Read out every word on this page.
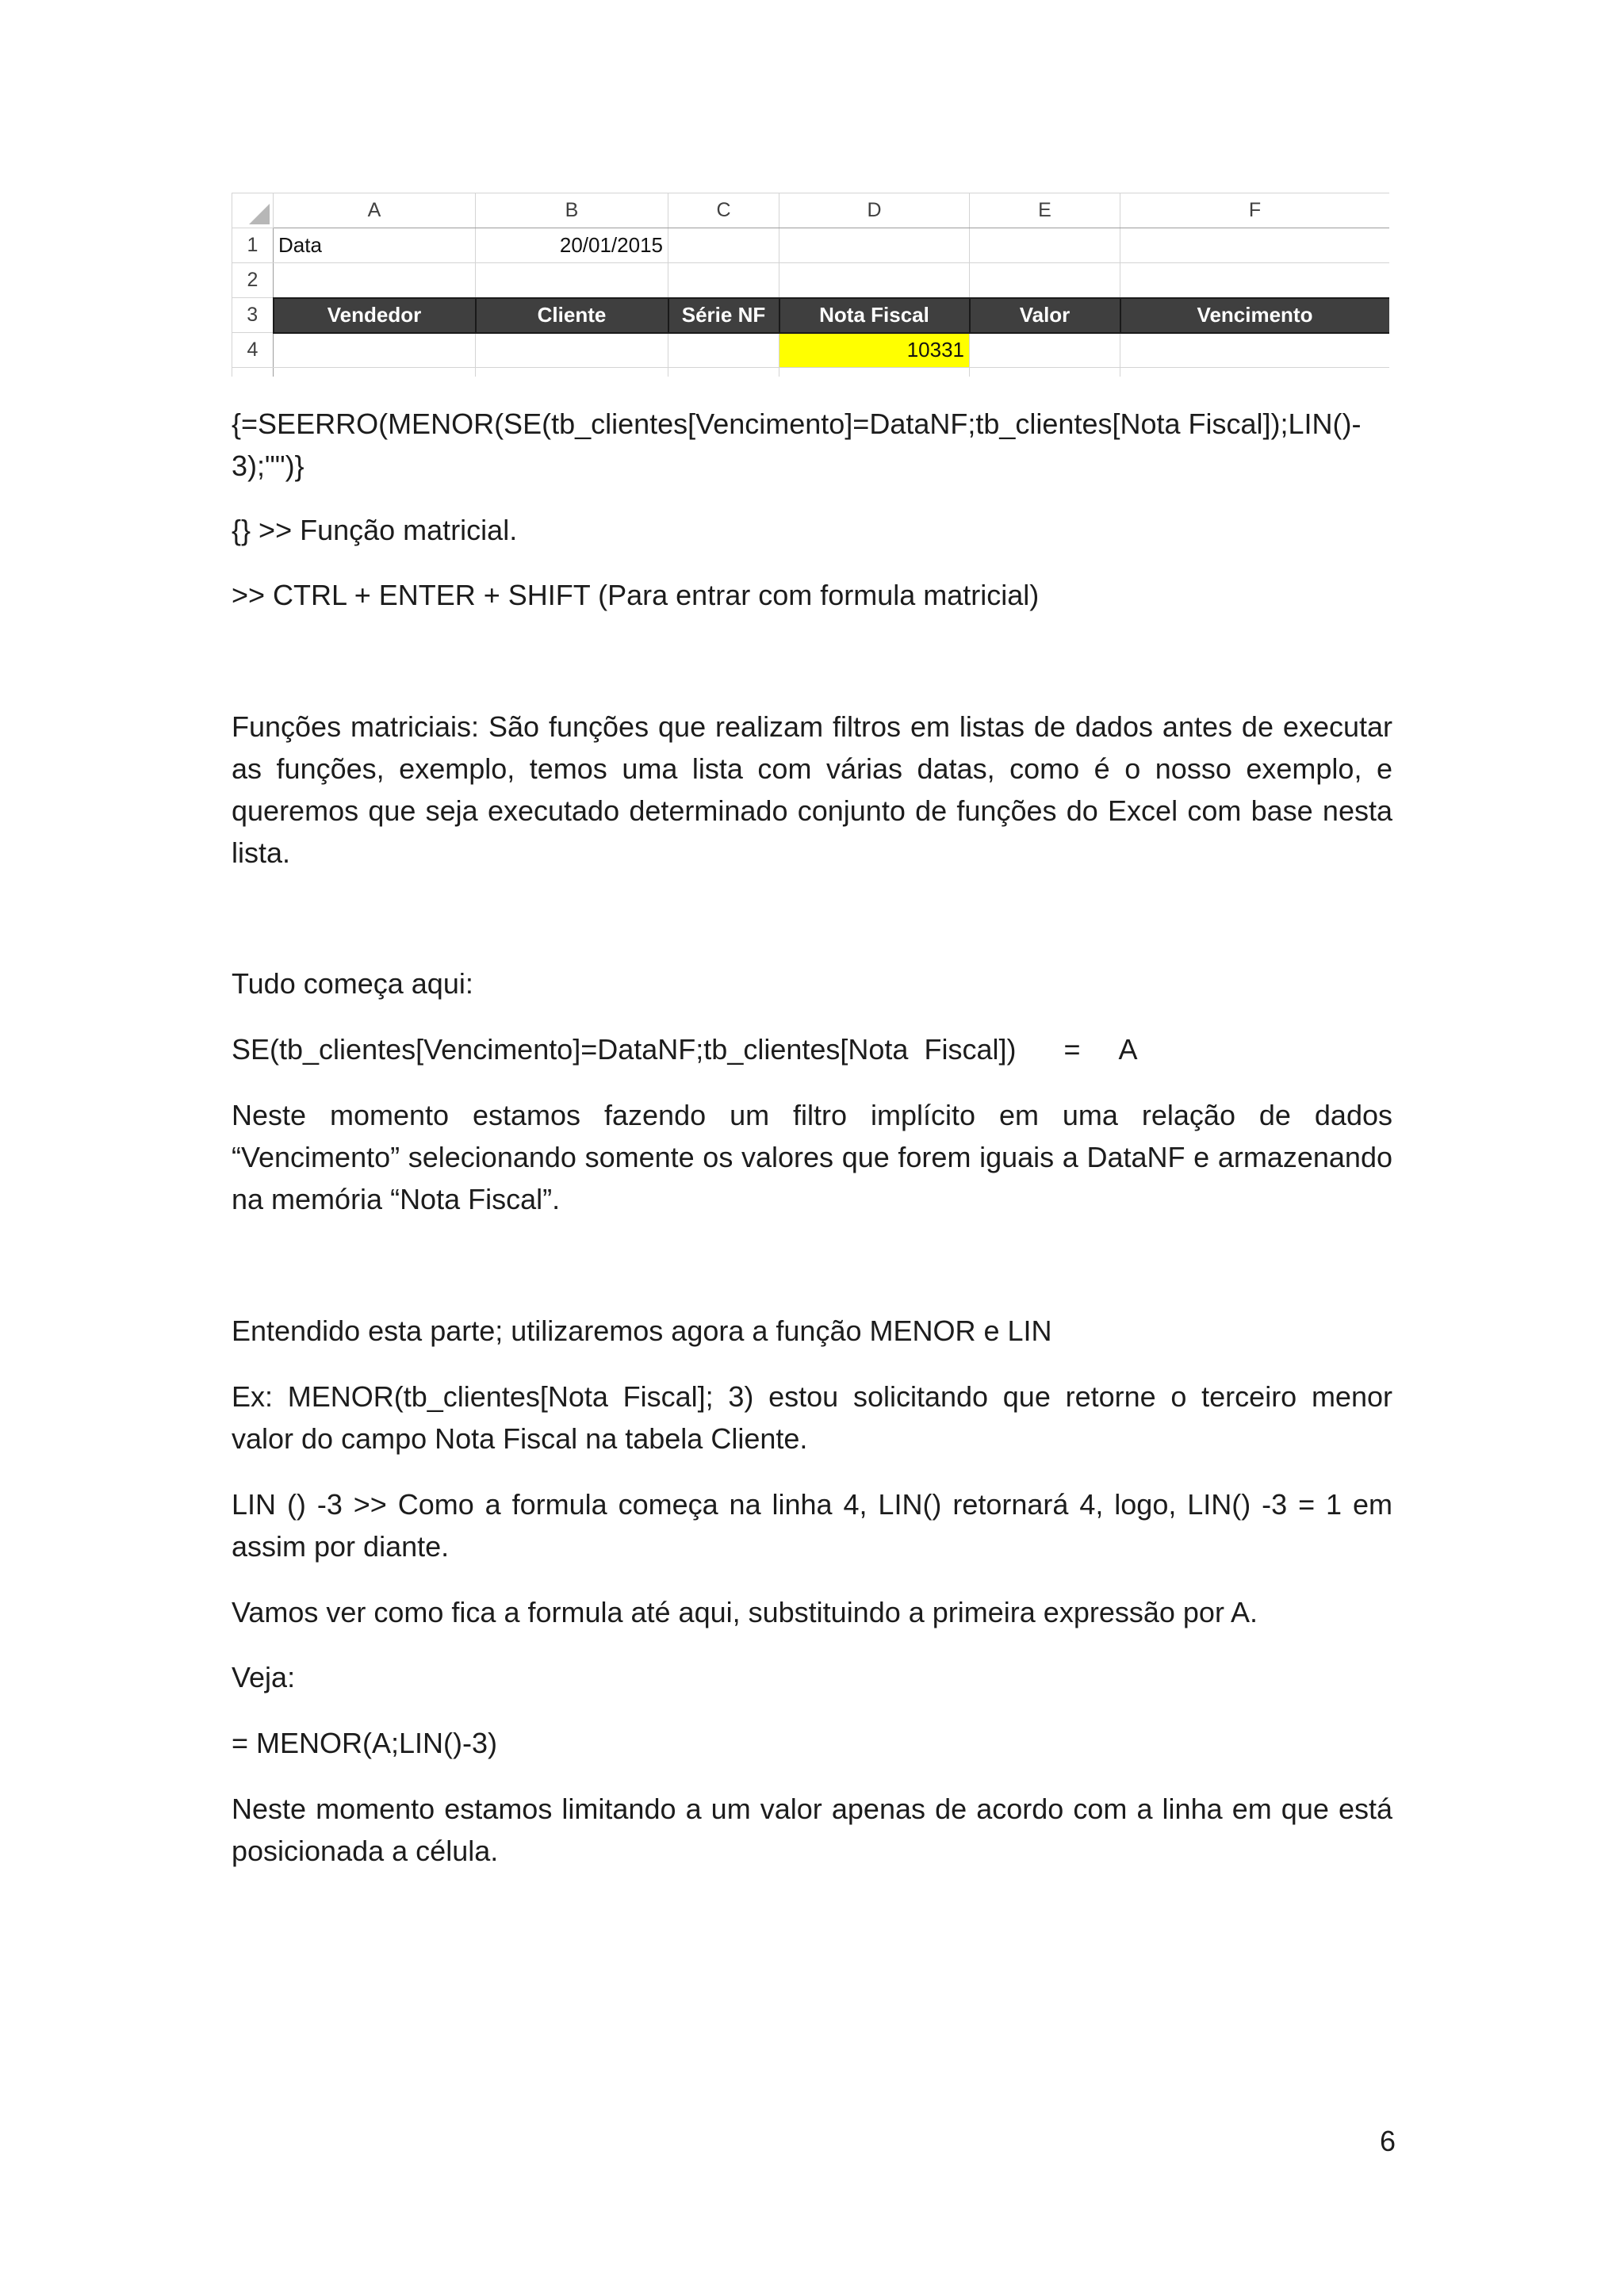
	A	B	C	D	E	F
1	Data	20/01/2015				
2						
3	Vendedor	Cliente	Série NF	Nota Fiscal	Valor	Vencimento
4				10331		

{=SEERRO(MENOR(SE(tb_clientes[Vencimento]=DataNF;tb_clientes[Nota Fiscal]);LIN()-

3);"")}

{} >> Função matricial.

>> CTRL + ENTER + SHIFT (Para entrar com formula matricial)

Funções matriciais: São funções que realizam filtros em listas de dados antes de executar as funções, exemplo, temos uma lista com várias datas, como é o nosso exemplo, e queremos que seja executado determinado conjunto de funções do Excel com base nesta lista.

Tudo começa aqui:

SE(tb_clientes[Vencimento]=DataNF;tb_clientes[Nota  Fiscal])      =     A

Neste momento estamos fazendo um filtro implícito em uma relação de dados “Vencimento” selecionando somente os valores que forem iguais a DataNF e armazenando na memória “Nota Fiscal”.

Entendido esta parte; utilizaremos agora a função MENOR e LIN

Ex: MENOR(tb_clientes[Nota Fiscal]; 3) estou solicitando que retorne o terceiro menor valor do campo Nota Fiscal na tabela Cliente.

LIN () -3 >> Como a formula começa na linha 4, LIN() retornará 4, logo, LIN() -3 = 1 em assim por diante.

Vamos ver como fica a formula até aqui, substituindo a primeira expressão por A.

Veja:

= MENOR(A;LIN()-3)

Neste momento estamos limitando a um valor apenas de acordo com a linha em que está posicionada a célula.

6
